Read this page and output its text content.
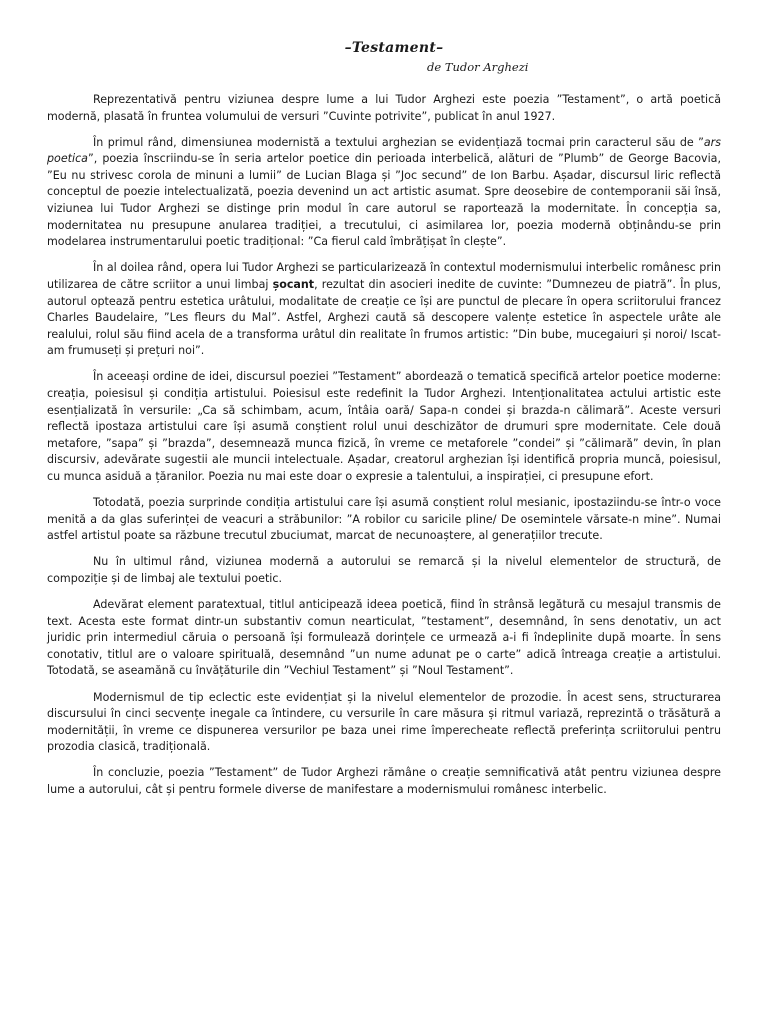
–Testament–
de Tudor Arghezi

Reprezentativă pentru viziunea despre lume a lui Tudor Arghezi este poezia ”Testament”, o artă poetică modernă, plasată în fruntea volumului de versuri ”Cuvinte potrivite”, publicat în anul 1927.

În primul rând, dimensiunea modernistă a textului arghezian se evidențiază tocmai prin caracterul său de ”ars poetica”, poezia înscriindu-se în seria artelor poetice din perioada interbelică, alături de ”Plumb” de George Bacovia, ”Eu nu strivesc corola de minuni a lumii” de Lucian Blaga și ”Joc secund” de Ion Barbu. Așadar, discursul liric reflectă conceptul de poezie intelectualizată, poezia devenind un act artistic asumat. Spre deosebire de contemporanii săi însă, viziunea lui Tudor Arghezi se distinge prin modul în care autorul se raportează la modernitate. În concepția sa, modernitatea nu presupune anularea tradiției, a trecutului, ci asimilarea lor, poezia modernă obținându-se prin modelarea instrumentarului poetic tradițional: ”Ca fierul cald îmbrățișat în clește”.

În al doilea rând, opera lui Tudor Arghezi se particularizează în contextul modernismului interbelic românesc prin utilizarea de către scriitor a unui limbaj șocant, rezultat din asocieri inedite de cuvinte: ”Dumnezeu de piatră”. În plus, autorul optează pentru estetica urâtului, modalitate de creație ce își are punctul de plecare în opera scriitorului francez Charles Baudelaire, ”Les fleurs du Mal”. Astfel, Arghezi caută să descopere valențe estetice în aspectele urâte ale realului, rolul său fiind acela de a transforma urâtul din realitate în frumos artistic: ”Din bube, mucegaiuri și noroi/ Iscat-am frumuseți și prețuri noi”.

În aceeași ordine de idei, discursul poeziei ”Testament” abordează o tematică specifică artelor poetice moderne: creația, poiesisul și condiția artistului. Poiesisul este redefinit la Tudor Arghezi. Intenționalitatea actului artistic este esențializată în versurile: „Ca să schimbam, acum, întâia oară/ Sapa-n condei și brazda-n călimară”. Aceste versuri reflectă ipostaza artistului care își asumă conștient rolul unui deschizător de drumuri spre modernitate. Cele două metafore, ”sapa” și ”brazda”, desemnează munca fizică, în vreme ce metaforele ”condei” și ”călimară” devin, în plan discursiv, adevărate sugestii ale muncii intelectuale. Așadar, creatorul arghezian își identifică propria muncă, poiesisul, cu munca asiduă a țăranilor. Poezia nu mai este doar o expresie a talentului, a inspirației, ci presupune efort.

Totodată, poezia surprinde condiția artistului care își asumă conștient rolul mesianic, ipostaziindu-se într-o voce menită a da glas suferinței de veacuri a străbunilor: ”A robilor cu saricile pline/ De osemintele vărsate-n mine”. Numai astfel artistul poate sa răzbune trecutul zbuciumat, marcat de necunoaștere, al generațiilor trecute.

Nu în ultimul rând, viziunea modernă a autorului se remarcă și la nivelul elementelor de structură, de compoziție și de limbaj ale textului poetic.

Adevărat element paratextual, titlul anticipează ideea poetică, fiind în strânsă legătură cu mesajul transmis de text. Acesta este format dintr-un substantiv comun nearticulat, ”testament”, desemnând, în sens denotativ, un act juridic prin intermediul căruia o persoană își formulează dorințele ce urmează a-i fi îndeplinite după moarte. În sens conotativ, titlul are o valoare spirituală, desemnând ”un nume adunat pe o carte” adică întreaga creație a artistului. Totodată, se aseamănă cu învățăturile din ”Vechiul Testament” și ”Noul Testament”.

Modernismul de tip eclectic este evidențiat și la nivelul elementelor de prozodie. În acest sens, structurarea discursului în cinci secvențe inegale ca întindere, cu versurile în care măsura și ritmul variază, reprezintă o trăsătură a modernității, în vreme ce dispunerea versurilor pe baza unei rime împerecheate reflectă preferința scriitorului pentru prozodia clasică, tradițională.

În concluzie, poezia ”Testament” de Tudor Arghezi rămâne o creație semnificativă atât pentru viziunea despre lume a autorului, cât și pentru formele diverse de manifestare a modernismului românesc interbelic.
